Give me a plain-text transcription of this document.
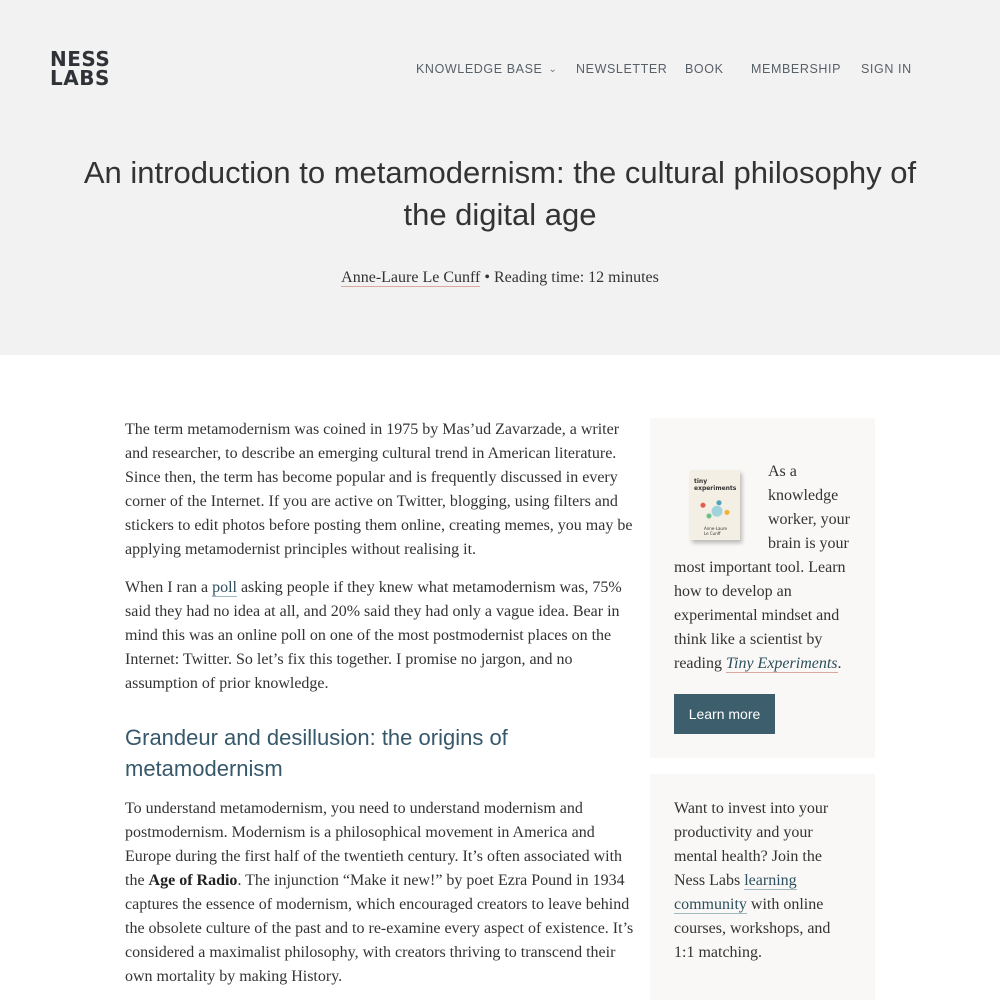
NESS
LABS	KNOWLEDGE BASE ⌄ NEWSLETTER BOOK MEMBERSHIP SIGN IN
An introduction to metamodernism: the cultural philosophy of the digital age
Anne-Laure Le Cunff • Reading time: 12 minutes

The term metamodernism was coined in 1975 by Mas’ud Zavarzade, a writer and researcher, to describe an emerging cultural trend in American literature. Since then, the term has become popular and is frequently discussed in every corner of the Internet. If you are active on Twitter, blogging, using filters and stickers to edit photos before posting them online, creating memes, you may be applying metamodernist principles without realising it.

When I ran a poll asking people if they knew what metamodernism was, 75% said they had no idea at all, and 20% said they had only a vague idea. Bear in mind this was an online poll on one of the most postmodernist places on the Internet: Twitter. So let’s fix this together. I promise no jargon, and no assumption of prior knowledge.

Grandeur and desillusion: the origins of metamodernism

To understand metamodernism, you need to understand modernism and postmodernism. Modernism is a philosophical movement in America and Europe during the first half of the twentieth century. It’s often associated with the Age of Radio. The injunction “Make it new!” by poet Ezra Pound in 1934 captures the essence of modernism, which encouraged creators to leave behind the obsolete culture of the past and to re-examine every aspect of existence. It’s considered a maximalist philosophy, with creators thriving to transcend their own mortality by making History.

tiny
experiments
Anne-Laure
Le Cunff
As a knowledge worker, your brain is your most important tool. Learn how to develop an experimental mindset and think like a scientist by reading Tiny Experiments.
Learn more
Want to invest into your productivity and your mental health? Join the Ness Labs learning community with online courses, workshops, and 1:1 matching.
